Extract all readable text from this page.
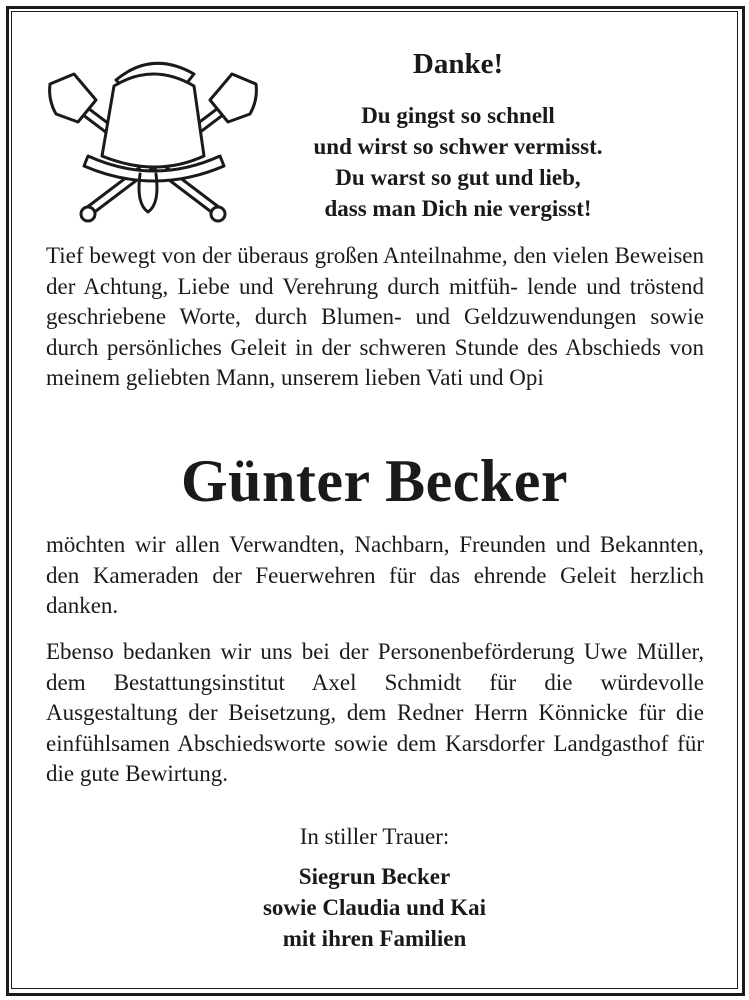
Danke!

Du gingst so schnell

und wirst so schwer vermisst.

Du warst so gut und lieb,

dass man Dich nie vergisst!

Tief bewegt von der überaus großen Anteilnahme, den vielen Beweisen der Achtung, Liebe und Verehrung durch mitfüh- lende und tröstend geschriebene Worte, durch Blumen- und Geldzuwendungen sowie durch persönliches Geleit in der schweren Stunde des Abschieds von meinem geliebten Mann, unserem lieben Vati und Opi

Günter Becker

möchten wir allen Verwandten, Nachbarn, Freunden und Bekannten, den Kameraden der Feuerwehren für das ehrende Geleit herzlich danken.

Ebenso bedanken wir uns bei der Personenbeförderung Uwe Müller, dem Bestattungsinstitut Axel Schmidt für die würdevolle Ausgestaltung der Beisetzung, dem Redner Herrn Könnicke für die einfühlsamen Abschiedsworte sowie dem Karsdorfer Landgasthof für die gute Bewirtung.

In stiller Trauer:

Siegrun Becker

sowie Claudia und Kai

mit ihren Familien
